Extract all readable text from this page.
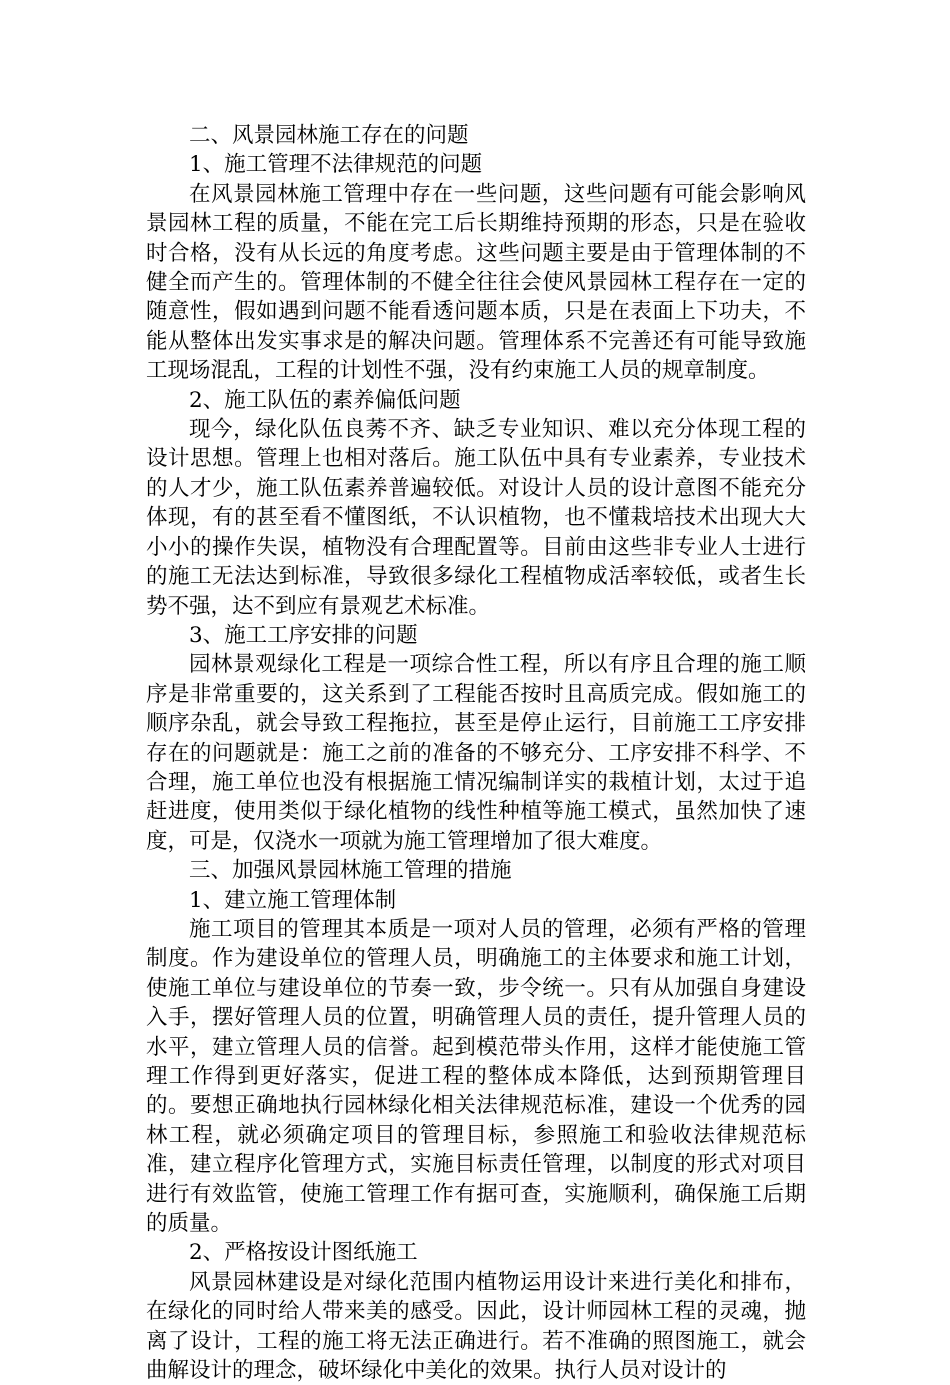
二、风景园林施工存在的问题

1、施工管理不法律规范的问题

在风景园林施工管理中存在一些问题，这些问题有可能会影响风景园林工程的质量，不能在完工后长期维持预期的形态，只是在验收时合格，没有从长远的角度考虑。这些问题主要是由于管理体制的不健全而产生的。管理体制的不健全往往会使风景园林工程存在一定的随意性，假如遇到问题不能看透问题本质，只是在表面上下功夫，不能从整体出发实事求是的解决问题。管理体系不完善还有可能导致施工现场混乱，工程的计划性不强，没有约束施工人员的规章制度。

2、施工队伍的素养偏低问题

现今，绿化队伍良莠不齐、缺乏专业知识、难以充分体现工程的设计思想。管理上也相对落后。施工队伍中具有专业素养，专业技术的人才少，施工队伍素养普遍较低。对设计人员的设计意图不能充分体现，有的甚至看不懂图纸，不认识植物，也不懂栽培技术出现大大小小的操作失误，植物没有合理配置等。目前由这些非专业人士进行的施工无法达到标准，导致很多绿化工程植物成活率较低，或者生长势不强，达不到应有景观艺术标准。

3、施工工序安排的问题

园林景观绿化工程是一项综合性工程，所以有序且合理的施工顺序是非常重要的，这关系到了工程能否按时且高质完成。假如施工的顺序杂乱，就会导致工程拖拉，甚至是停止运行，目前施工工序安排存在的问题就是：施工之前的准备的不够充分、工序安排不科学、不合理，施工单位也没有根据施工情况编制详实的栽植计划，太过于追赶进度，使用类似于绿化植物的线性种植等施工模式，虽然加快了速度，可是，仅浇水一项就为施工管理增加了很大难度。

三、加强风景园林施工管理的措施

1、建立施工管理体制

施工项目的管理其本质是一项对人员的管理，必须有严格的管理制度。作为建设单位的管理人员，明确施工的主体要求和施工计划，使施工单位与建设单位的节奏一致，步令统一。只有从加强自身建设入手，摆好管理人员的位置，明确管理人员的责任，提升管理人员的水平，建立管理人员的信誉。起到模范带头作用，这样才能使施工管理工作得到更好落实，促进工程的整体成本降低，达到预期管理目的。要想正确地执行园林绿化相关法律规范标准，建设一个优秀的园林工程，就必须确定项目的管理目标，参照施工和验收法律规范标准，建立程序化管理方式，实施目标责任管理，以制度的形式对项目进行有效监管，使施工管理工作有据可查，实施顺利，确保施工后期的质量。

2、严格按设计图纸施工

风景园林建设是对绿化范围内植物运用设计来进行美化和排布，在绿化的同时给人带来美的感受。因此，设计师园林工程的灵魂，抛离了设计，工程的施工将无法正确进行。若不准确的照图施工，就会曲解设计的理念，破坏绿化中美化的效果。执行人员对设计的
